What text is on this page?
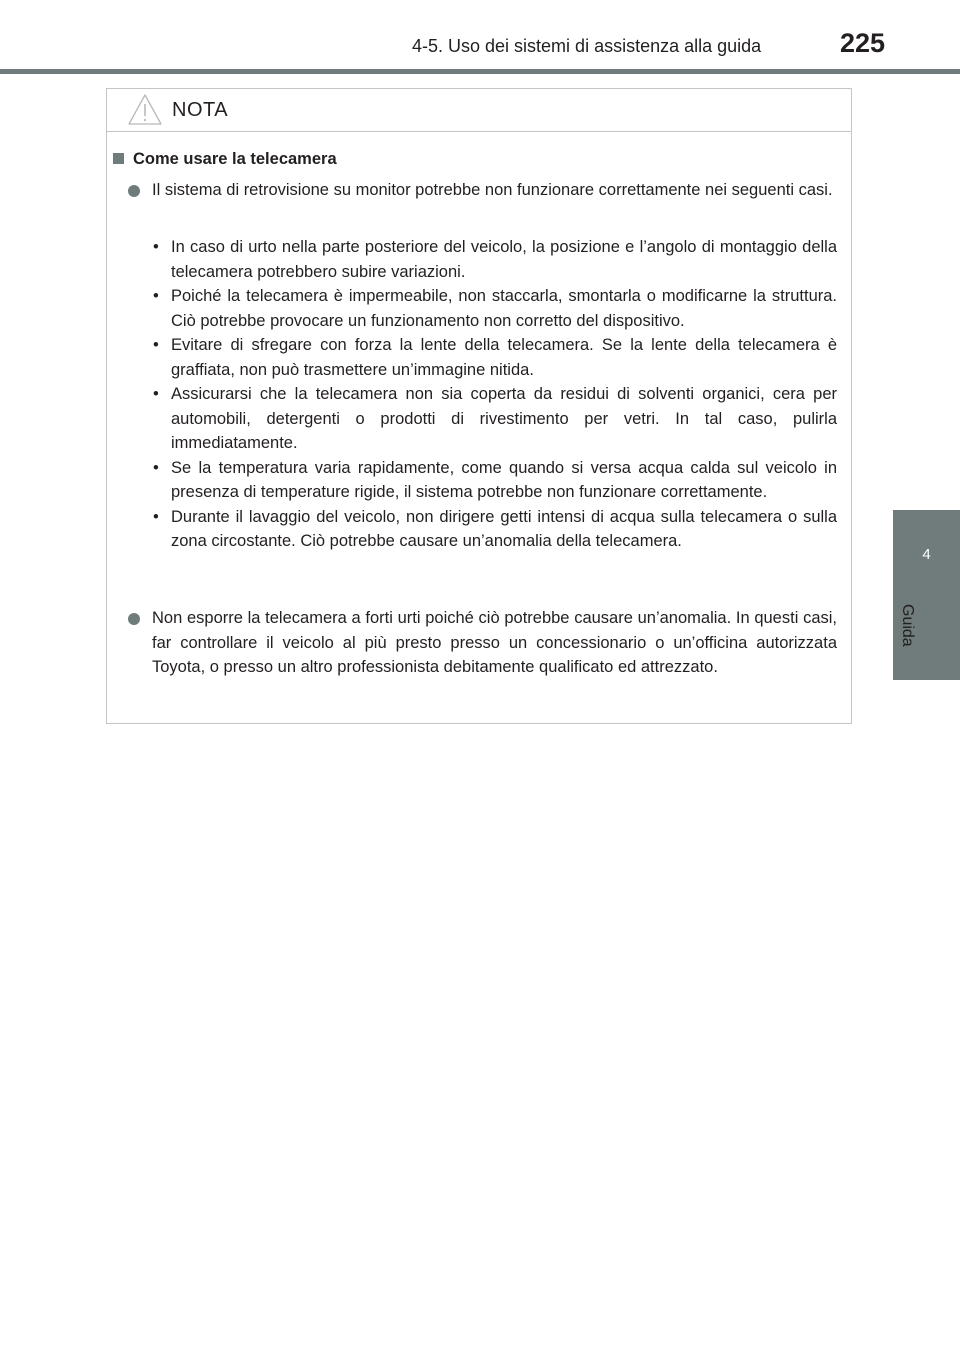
4-5. Uso dei sistemi di assistenza alla guida	225
4
Guida
NOTA
Come usare la telecamera
Il sistema di retrovisione su monitor potrebbe non funzionare correttamente nei seguenti casi.
• In caso di urto nella parte posteriore del veicolo, la posizione e l’angolo di montaggio della telecamera potrebbero subire variazioni.
• Poiché la telecamera è impermeabile, non staccarla, smontarla o modificarne la struttura. Ciò potrebbe provocare un funzionamento non corretto del dispositivo.
• Evitare di sfregare con forza la lente della telecamera. Se la lente della telecamera è graffiata, non può trasmettere un’immagine nitida.
• Assicurarsi che la telecamera non sia coperta da residui di solventi organici, cera per automobili, detergenti o prodotti di rivestimento per vetri. In tal caso, pulirla immediatamente.
• Se la temperatura varia rapidamente, come quando si versa acqua calda sul veicolo in presenza di temperature rigide, il sistema potrebbe non funzionare correttamente.
• Durante il lavaggio del veicolo, non dirigere getti intensi di acqua sulla telecamera o sulla zona circostante. Ciò potrebbe causare un’anomalia della telecamera.
Non esporre la telecamera a forti urti poiché ciò potrebbe causare un’anomalia. In questi casi, far controllare il veicolo al più presto presso un concessionario o un’officina autorizzata Toyota, o presso un altro professionista debitamente qualificato ed attrezzato.
